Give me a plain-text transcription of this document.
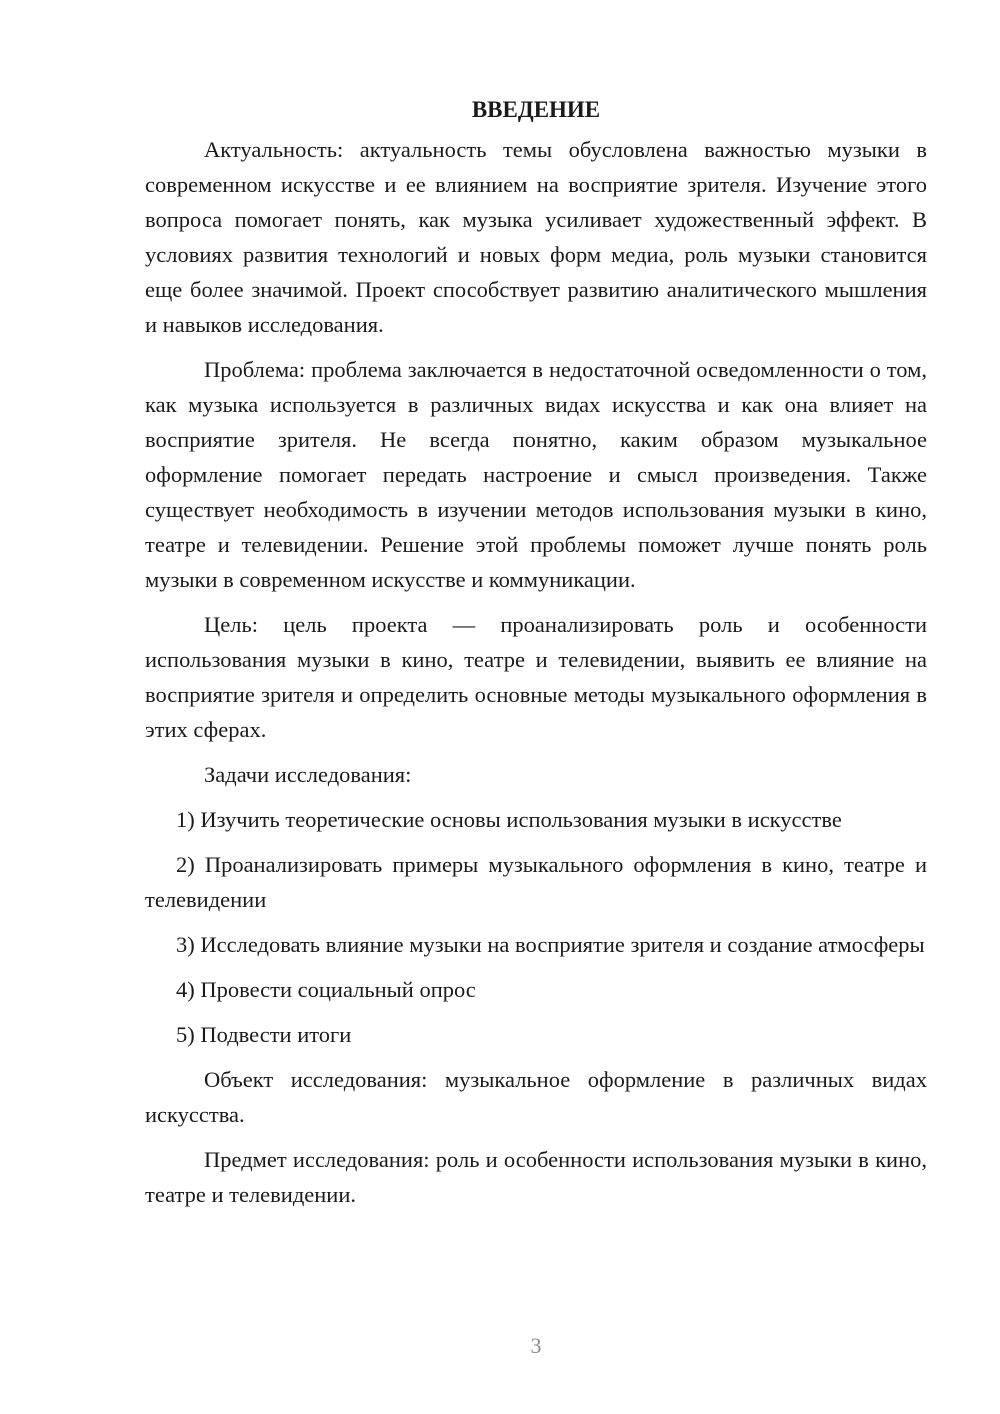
ВВЕДЕНИЕ

Актуальность: актуальность темы обусловлена важностью музыки в современном искусстве и ее влиянием на восприятие зрителя. Изучение этого вопроса помогает понять, как музыка усиливает художественный эффект. В условиях развития технологий и новых форм медиа, роль музыки становится еще более значимой. Проект способствует развитию аналитического мышления и навыков исследования.

Проблема: проблема заключается в недостаточной осведомленности о том, как музыка используется в различных видах искусства и как она влияет на восприятие зрителя. Не всегда понятно, каким образом музыкальное оформление помогает передать настроение и смысл произведения. Также существует необходимость в изучении методов использования музыки в кино, театре и телевидении. Решение этой проблемы поможет лучше понять роль музыки в современном искусстве и коммуникации.

Цель: цель проекта — проанализировать роль и особенности использования музыки в кино, театре и телевидении, выявить ее влияние на восприятие зрителя и определить основные методы музыкального оформления в этих сферах.

Задачи исследования:

1) Изучить теоретические основы использования музыки в искусстве

2) Проанализировать примеры музыкального оформления в кино, театре и телевидении

3) Исследовать влияние музыки на восприятие зрителя и создание атмосферы

4) Провести социальный опрос

5) Подвести итоги

Объект исследования: музыкальное оформление в различных видах искусства.

Предмет исследования: роль и особенности использования музыки в кино, театре и телевидении.

3
